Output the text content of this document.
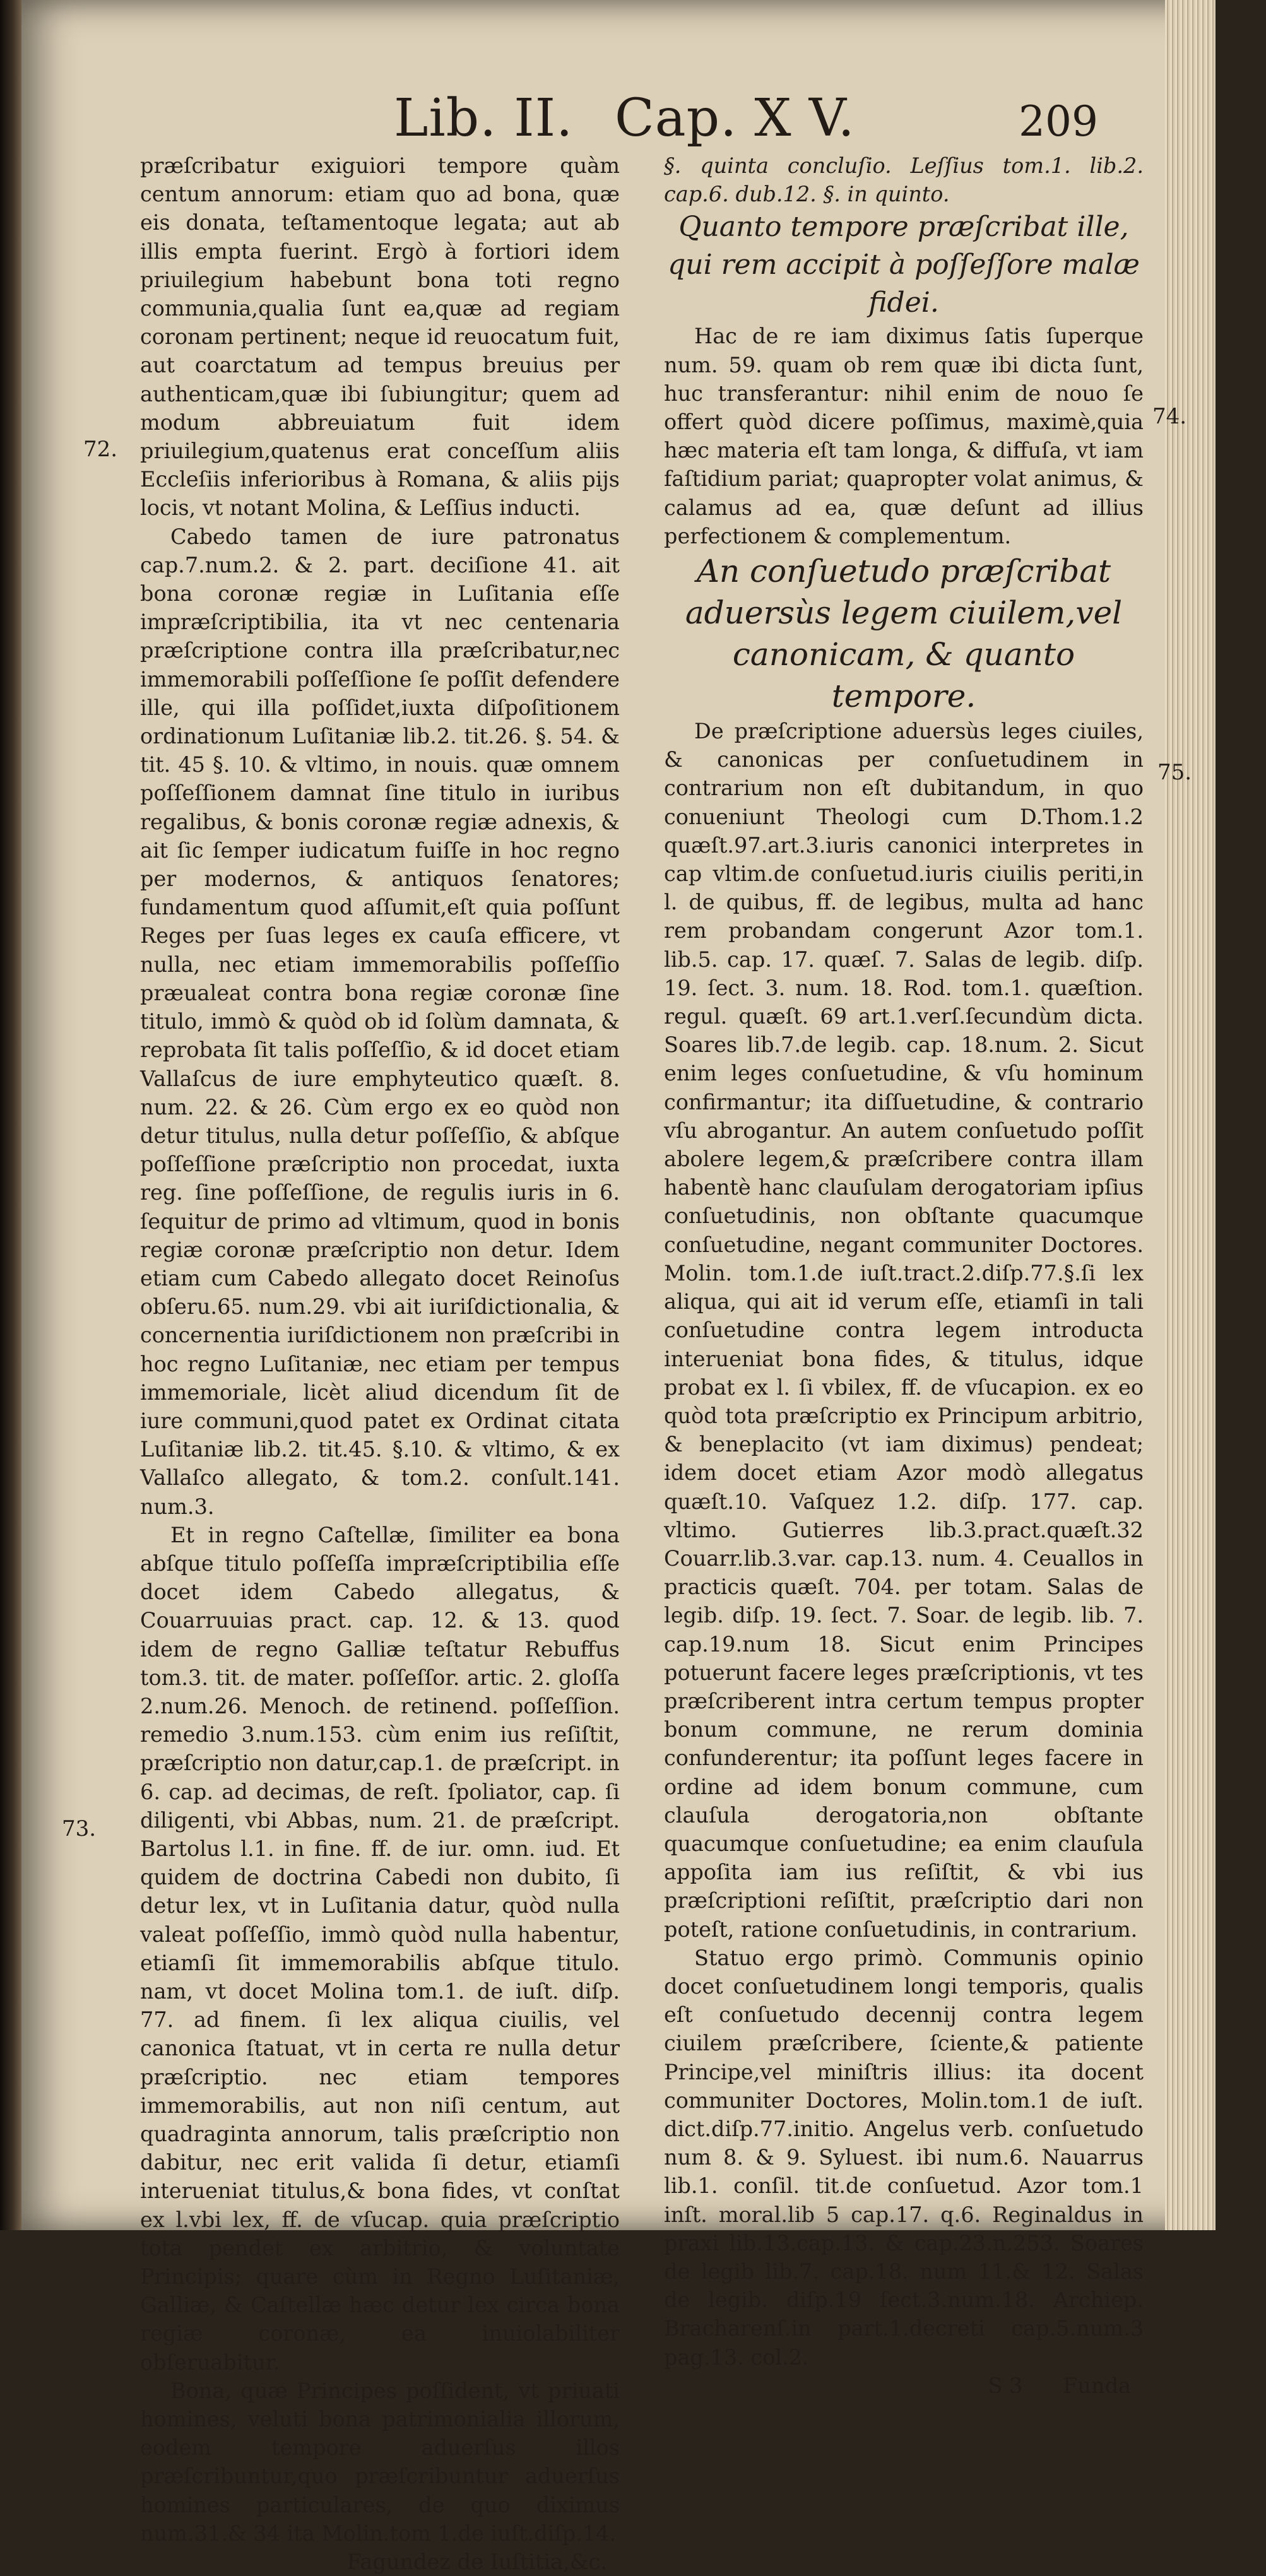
Lib. II. Cap. X V.	209
72.
73.
74.
75.

præſcribatur exiguiori tempore quàm centum annorum: etiam quo ad bona, quæ eis donata, teſtamentoque legata; aut ab illis empta fuerint. Ergò à fortiori idem priuilegium habebunt bona toti regno communia,qualia ſunt ea,quæ ad regiam coronam pertinent; neque id reuocatum fuit, aut coarctatum ad tempus breuius per authenticam,quæ ibi ſubiungitur; quem ad modum abbreuiatum fuit idem priuilegium,quatenus erat conceſſum aliis Eccleſiis inferioribus à Romana, & aliis pijs locis, vt notant Molina, & Leſſius inducti.

Cabedo tamen de iure patronatus cap.7.num.2. & 2. part. deciſione 41. ait bona coronæ regiæ in Luſitania eſſe impræſcriptibilia, ita vt nec centenaria præſcriptione contra illa præſcribatur,nec immemorabili poſſeſſione ſe poſſit defendere ille, qui illa poſſidet,iuxta diſpoſitionem ordinationum Luſitaniæ lib.2. tit.26. §. 54. & tit. 45 §. 10. & vltimo, in nouis. quæ omnem poſſeſſionem damnat ſine titulo in iuribus regalibus, & bonis coronæ regiæ adnexis, & ait ſic ſemper iudicatum fuiſſe in hoc regno per modernos, & antiquos ſenatores; fundamentum quod aſſumit,eſt quia poſſunt Reges per ſuas leges ex cauſa efficere, vt nulla, nec etiam immemorabilis poſſeſſio præualeat contra bona regiæ coronæ ſine titulo, immò & quòd ob id ſolùm damnata, & reprobata ſit talis poſſeſſio, & id docet etiam Vallaſcus de iure emphyteutico quæſt. 8. num. 22. & 26. Cùm ergo ex eo quòd non detur titulus, nulla detur poſſeſſio, & abſque poſſeſſione præſcriptio non procedat, iuxta reg. ſine poſſeſſione, de regulis iuris in 6. ſequitur de primo ad vltimum, quod in bonis regiæ coronæ præſcriptio non detur. Idem etiam cum Cabedo allegato docet Reinoſus obſeru.65. num.29. vbi ait iuriſdictionalia, & concernentia iuriſdictionem non præſcribi in hoc regno Luſitaniæ, nec etiam per tempus immemoriale, licèt aliud dicendum ſit de iure communi,quod patet ex Ordinat citata Luſitaniæ lib.2. tit.45. §.10. & vltimo, & ex Vallaſco allegato, & tom.2. conſult.141. num.3.

Et in regno Caſtellæ, ſimiliter ea bona abſque titulo poſſeſſa impræſcriptibilia eſſe docet idem Cabedo allegatus, & Couarruuias pract. cap. 12. & 13. quod idem de regno Galliæ teſtatur Rebuffus tom.3. tit. de mater. poſſeſſor. artic. 2. gloſſa 2.num.26. Menoch. de retinend. poſſeſſion. remedio 3.num.153. cùm enim ius reſiſtit, præſcriptio non datur,cap.1. de præſcript. in 6. cap. ad decimas, de reſt. ſpoliator, cap. ſi diligenti, vbi Abbas, num. 21. de præſcript. Bartolus l.1. in fine. ff. de iur. omn. iud. Et quidem de doctrina Cabedi non dubito, ſi detur lex, vt in Luſitania datur, quòd nulla valeat poſſeſſio, immò quòd nulla habentur, etiamſi ſit immemorabilis abſque titulo. nam, vt docet Molina tom.1. de iuſt. diſp. 77. ad finem. ſi lex aliqua ciuilis, vel canonica ſtatuat, vt in certa re nulla detur præſcriptio. nec etiam tempores immemorabilis, aut non niſi centum, aut quadraginta annorum, talis præſcriptio non dabitur, nec erit valida ſi detur, etiamſi interueniat titulus,& bona fides, vt conſtat ex l.vbi lex, ff. de vſucap. quia præſcriptio tota pendet ex arbitrio, & voluntate Principis; quare cùm in Regno Luſitaniæ, Galliæ, & Caſtellæ hæc detur lex circa bona regiæ coronæ, ea inuiolabiliter obſeruabitur.

Bona, quæ Principes poſſident, vt priuati homines, veluti bona patrimonialia illorum, eodem tempore aduerſus illos præſcribuntur,quo præſcribuntur aduerſus homines particulares, de quo diximus num.31.& 34 ita Molin.tom 1.de iuſt.diſp.14.

Fagundez de Iuſtitia,&c.

§. quinta concluſio. Leſſius tom.1. lib.2. cap.6. dub.12. §. in quinto.

Quanto tempore præſcribat ille, qui rem accipit à poſſeſſore malæ fidei.

Hac de re iam diximus ſatis ſuperque num. 59. quam ob rem quæ ibi dicta ſunt, huc transferantur: nihil enim de nouo ſe offert quòd dicere poſſimus, maximè,quia hæc materia eſt tam longa, & diffuſa, vt iam faſtidium pariat; quapropter volat animus, & calamus ad ea, quæ deſunt ad illius perfectionem & complementum.

An conſuetudo præſcribat aduersùs legem ciuilem,vel canonicam, & quanto tempore.

De præſcriptione aduersùs leges ciuiles, & canonicas per conſuetudinem in contrarium non eſt dubitandum, in quo conueniunt Theologi cum D.Thom.1.2 quæſt.97.art.3.iuris canonici interpretes in cap vltim.de conſuetud.iuris ciuilis periti,in l. de quibus, ff. de legibus, multa ad hanc rem probandam congerunt Azor tom.1. lib.5. cap. 17. quæſ. 7. Salas de legib. diſp. 19. ſect. 3. num. 18. Rod. tom.1. quæſtion. regul. quæſt. 69 art.1.verſ.ſecundùm dicta. Soares lib.7.de legib. cap. 18.num. 2. Sicut enim leges conſuetudine, & vſu hominum confirmantur; ita diſſuetudine, & contrario vſu abrogantur. An autem conſuetudo poſſit abolere legem,& præſcribere contra illam habentè hanc clauſulam derogatoriam ipſius conſuetudinis, non obſtante quacumque conſuetudine, negant communiter Doctores. Molin. tom.1.de iuſt.tract.2.diſp.77.§.ſi lex aliqua, qui ait id verum eſſe, etiamſi in tali conſuetudine contra legem introducta interueniat bona fides, & titulus, idque probat ex l. ſi vbilex, ff. de vſucapion. ex eo quòd tota præſcriptio ex Principum arbitrio, & beneplacito (vt iam diximus) pendeat; idem docet etiam Azor modò allegatus quæſt.10. Vaſquez 1.2. diſp. 177. cap. vltimo. Gutierres lib.3.pract.quæſt.32 Couarr.lib.3.var. cap.13. num. 4. Ceuallos in practicis quæſt. 704. per totam. Salas de legib. diſp. 19. ſect. 7. Soar. de legib. lib. 7. cap.19.num 18. Sicut enim Principes potuerunt facere leges præſcriptionis, vt tes præſcriberent intra certum tempus propter bonum commune, ne rerum dominia confunderentur; ita poſſunt leges facere in ordine ad idem bonum commune, cum clauſula derogatoria,non obſtante quacumque conſuetudine; ea enim clauſula appoſita iam ius reſiſtit, & vbi ius præſcriptioni reſiſtit, præſcriptio dari non poteſt, ratione conſuetudinis, in contrarium.

Statuo ergo primò. Communis opinio docet conſuetudinem longi temporis, qualis eſt conſuetudo decennij contra legem ciuilem præſcribere, ſciente,& patiente Principe,vel miniſtris illius: ita docent communiter Doctores, Molin.tom.1 de iuſt. dict.diſp.77.initio. Angelus verb. conſuetudo num 8. & 9. Syluest. ibi num.6. Nauarrus lib.1. conſil. tit.de conſuetud. Azor tom.1 inſt. moral.lib 5 cap.17. q.6. Reginaldus in praxi lib.13.cap.13. & cap.23.n.253. Soares de legib lib.7. cap.18. num 11.& 12. Salas de legib. diſp.19 ſect.3.num.18. Archiep. Bracharenſ.in part.1.decreti cap.5.num.3 pag.13. col.2.

S 3 Funda
